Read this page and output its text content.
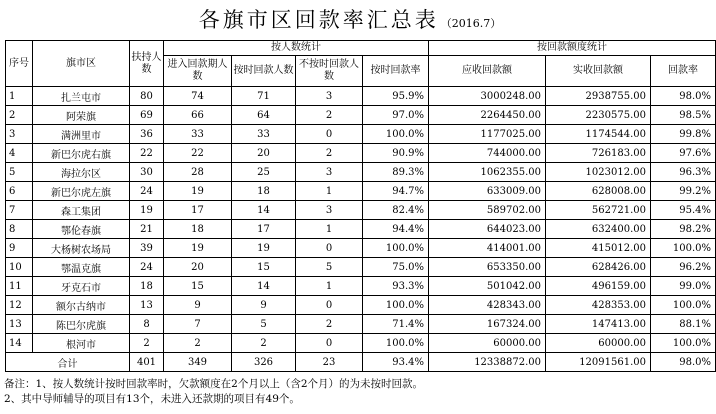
各旗市区回款率汇总表 （2016.7）
序号	旗市区	扶持人数	按人数统计				按回款额度统计		
			进入回款期人数	按时回款人数	不按时回款人数	按时回款率	应收回款额	实收回款额	回款率
1	扎兰屯市	80	74	71	3	95.9%	3000248.00	2938755.00	98.0%
2	阿荣旗	69	66	64	2	97.0%	2264450.00	2230575.00	98.5%
3	满洲里市	36	33	33	0	100.0%	1177025.00	1174544.00	99.8%
4	新巴尔虎右旗	22	22	20	2	90.9%	744000.00	726183.00	97.6%
5	海拉尔区	30	28	25	3	89.3%	1062355.00	1023012.00	96.3%
6	新巴尔虎左旗	24	19	18	1	94.7%	633009.00	628008.00	99.2%
7	森工集团	19	17	14	3	82.4%	589702.00	562721.00	95.4%
8	鄂伦春旗	21	18	17	1	94.4%	644023.00	632400.00	98.2%
9	大杨树农场局	39	19	19	0	100.0%	414001.00	415012.00	100.0%
10	鄂温克旗	24	20	15	5	75.0%	653350.00	628426.00	96.2%
11	牙克石市	18	15	14	1	93.3%	501042.00	496159.00	99.0%
12	额尔古纳市	13	9	9	0	100.0%	428343.00	428353.00	100.0%
13	陈巴尔虎旗	8	7	5	2	71.4%	167324.00	147413.00	88.1%
14	根河市	2	2	2	0	100.0%	60000.00	60000.00	100.0%
合计		401	349	326	23	93.4%	12338872.00	12091561.00	98.0%
备注：1、按人数统计按时回款率时，欠款额度在2个月以上（含2个月）的为未按时回款。
2、其中导师辅导的项目有13个，未进入还款期的项目有49个。
